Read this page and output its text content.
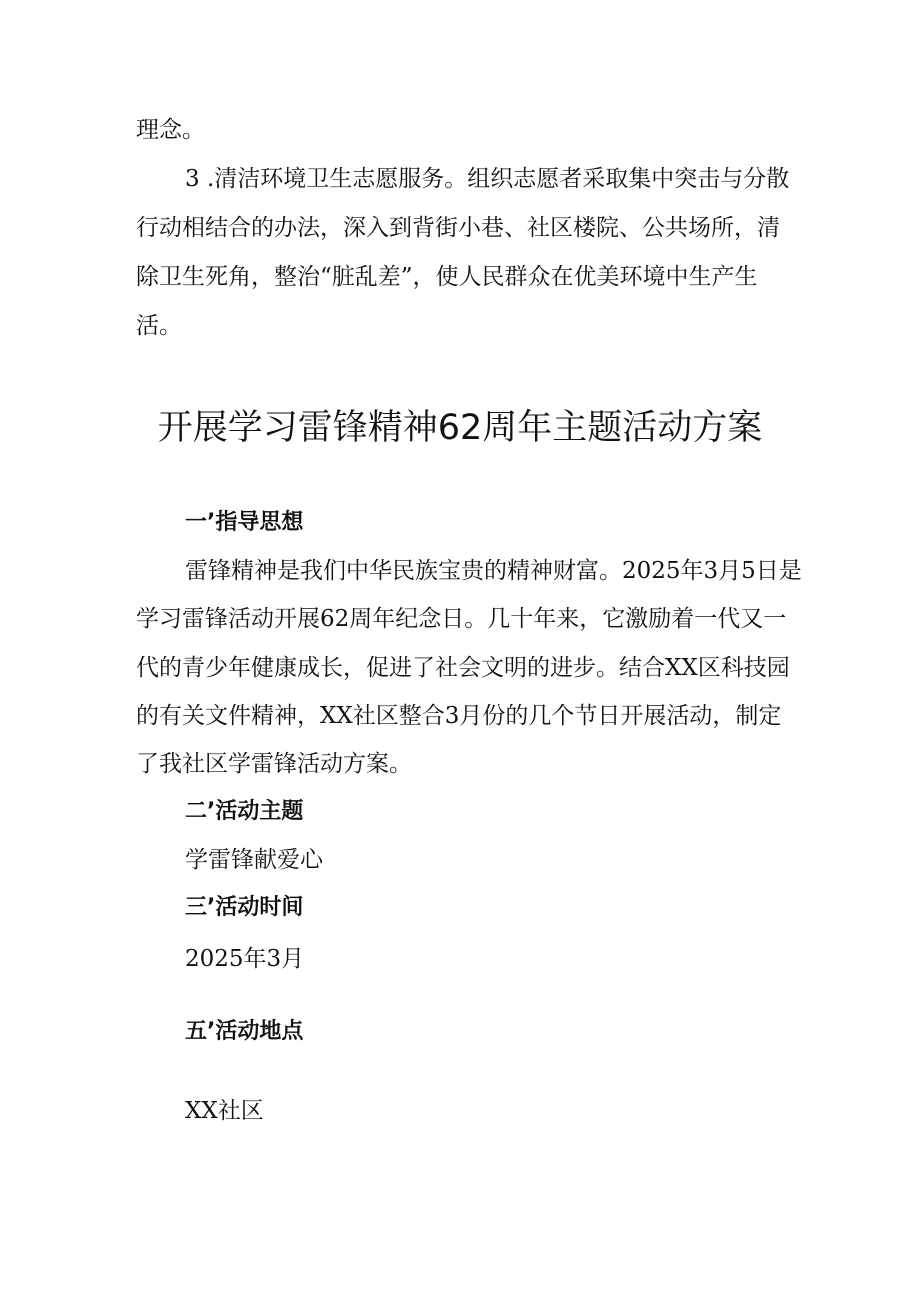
理念。
3 .清洁环境卫生志愿服务。组织志愿者采取集中突击与分散
行动相结合的办法，深入到背街小巷、社区楼院、公共场所，清
除卫生死角，整治“脏乱差”，使人民群众在优美环境中生产生
活。
开展学习雷锋精神62周年主题活动方案
一’指导思想
雷锋精神是我们中华民族宝贵的精神财富。2025年3月5日是
学习雷锋活动开展62周年纪念日。几十年来，它激励着一代又一
代的青少年健康成长，促进了社会文明的进步。结合XX区科技园
的有关文件精神，XX社区整合3月份的几个节日开展活动，制定
了我社区学雷锋活动方案。
二’活动主题
学雷锋献爱心
三’活动时间
2025年3月
五’活动地点
XX社区
